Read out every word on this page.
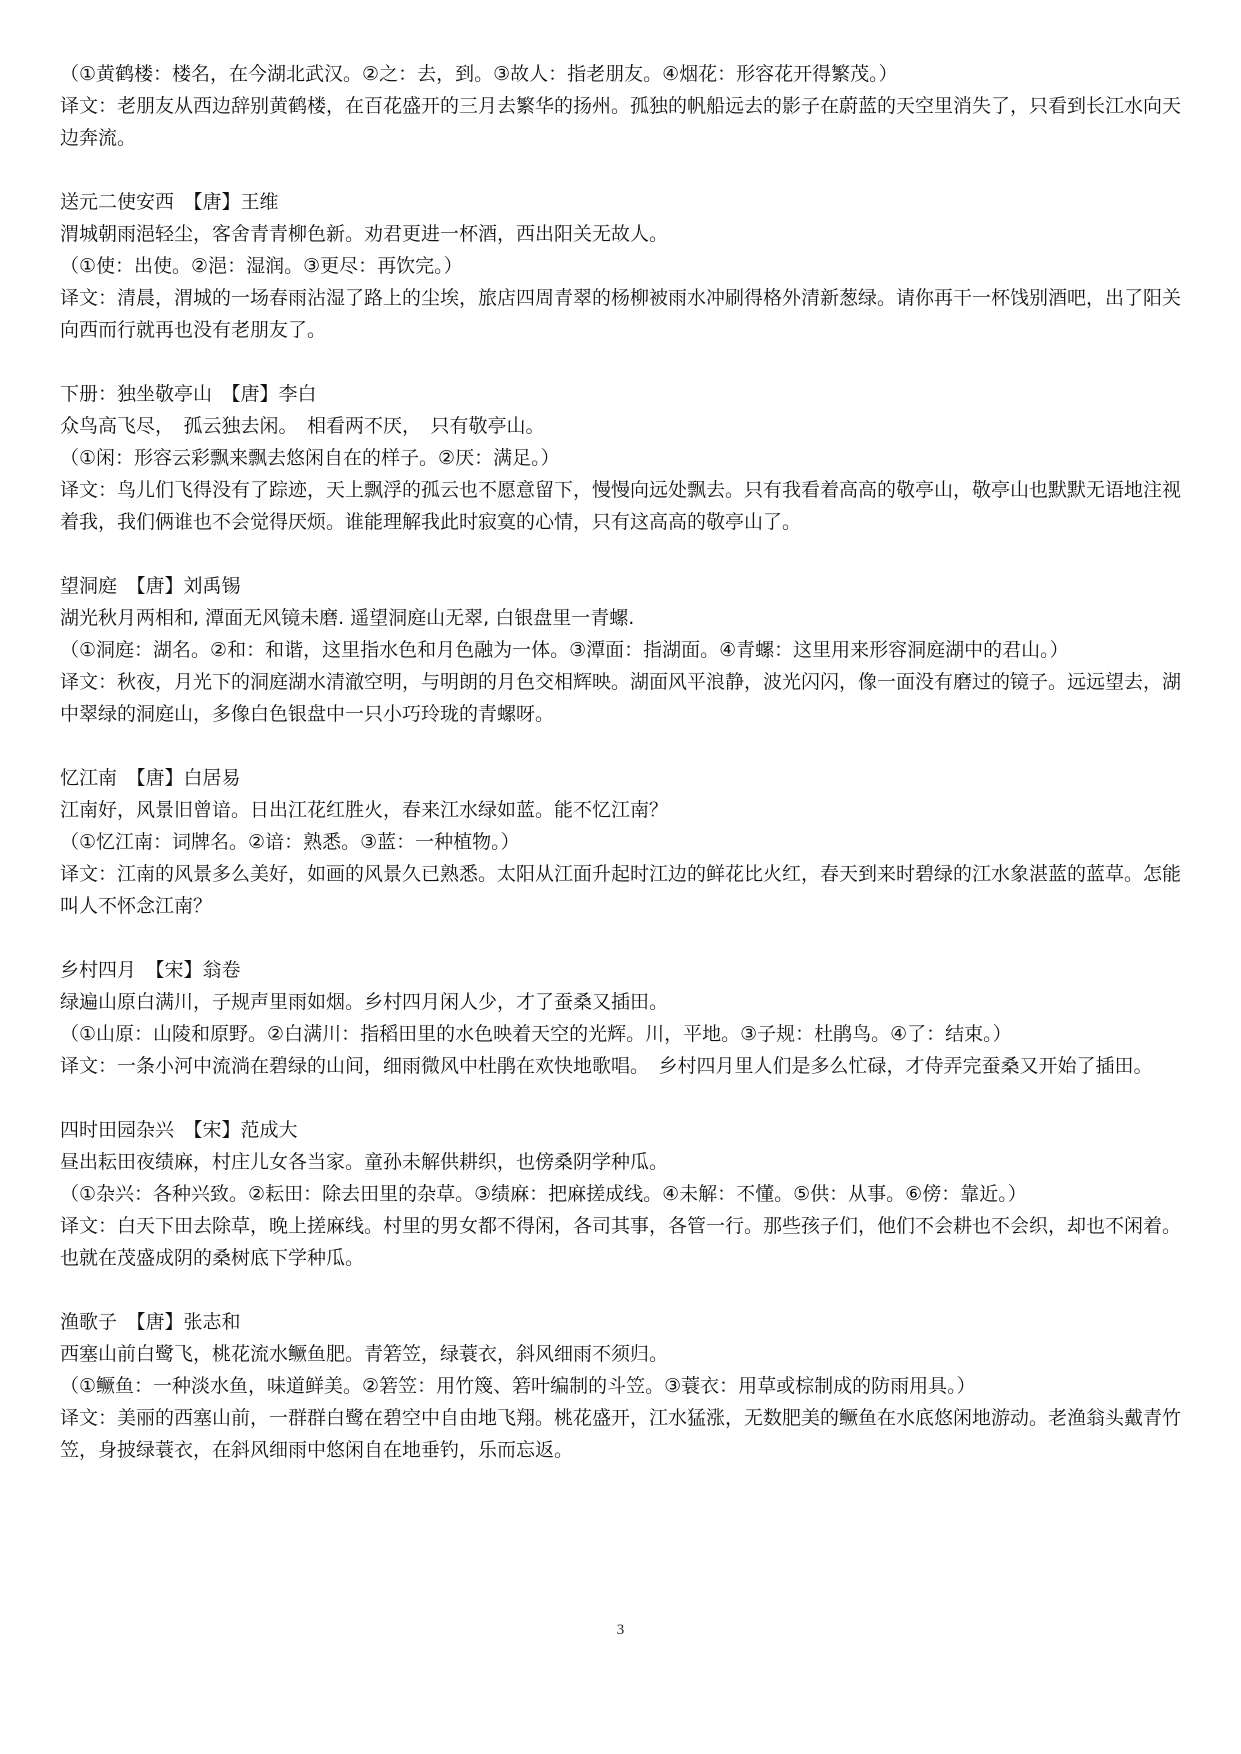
（①黄鹤楼：楼名，在今湖北武汉。②之：去，到。③故人：指老朋友。④烟花：形容花开得繁茂。）

译文：老朋友从西边辞别黄鹤楼，在百花盛开的三月去繁华的扬州。孤独的帆船远去的影子在蔚蓝的天空里消失了，只看到长江水向天边奔流。

送元二使安西　【唐】王维

渭城朝雨浥轻尘，客舍青青柳色新。劝君更进一杯酒，西出阳关无故人。

（①使：出使。②浥：湿润。③更尽：再饮完。）

译文：清晨，渭城的一场春雨沾湿了路上的尘埃，旅店四周青翠的杨柳被雨水冲刷得格外清新葱绿。请你再干一杯饯别酒吧，出了阳关向西而行就再也没有老朋友了。

下册：独坐敬亭山　【唐】李白

众鸟高飞尽，　孤云独去闲。　相看两不厌，　只有敬亭山。

（①闲：形容云彩飘来飘去悠闲自在的样子。②厌：满足。）

译文：鸟儿们飞得没有了踪迹，天上飘浮的孤云也不愿意留下，慢慢向远处飘去。只有我看着高高的敬亭山，敬亭山也默默无语地注视着我，我们俩谁也不会觉得厌烦。谁能理解我此时寂寞的心情，只有这高高的敬亭山了。

望洞庭　【唐】刘禹锡

湖光秋月两相和, 潭面无风镜未磨. 遥望洞庭山无翠, 白银盘里一青螺.

（①洞庭：湖名。②和：和谐，这里指水色和月色融为一体。③潭面：指湖面。④青螺：这里用来形容洞庭湖中的君山。）

译文：秋夜，月光下的洞庭湖水清澈空明，与明朗的月色交相辉映。湖面风平浪静，波光闪闪，像一面没有磨过的镜子。远远望去，湖中翠绿的洞庭山，多像白色银盘中一只小巧玲珑的青螺呀。

忆江南　【唐】白居易

江南好，风景旧曾谙。日出江花红胜火，春来江水绿如蓝。能不忆江南？

（①忆江南：词牌名。②谙：熟悉。③蓝：一种植物。）

译文：江南的风景多么美好，如画的风景久已熟悉。太阳从江面升起时江边的鲜花比火红，春天到来时碧绿的江水象湛蓝的蓝草。怎能叫人不怀念江南？

乡村四月　【宋】翁卷

绿遍山原白满川，子规声里雨如烟。乡村四月闲人少，才了蚕桑又插田。

（①山原：山陵和原野。②白满川：指稻田里的水色映着天空的光辉。川，平地。③子规：杜鹃鸟。④了：结束。）

译文：一条小河中流淌在碧绿的山间，细雨微风中杜鹃在欢快地歌唱。　乡村四月里人们是多么忙碌，才侍弄完蚕桑又开始了插田。

四时田园杂兴　【宋】范成大

昼出耘田夜绩麻，村庄儿女各当家。童孙未解供耕织，也傍桑阴学种瓜。

（①杂兴：各种兴致。②耘田：除去田里的杂草。③绩麻：把麻搓成线。④未解：不懂。⑤供：从事。⑥傍：靠近。）

译文：白天下田去除草，晚上搓麻线。村里的男女都不得闲，各司其事，各管一行。那些孩子们，他们不会耕也不会织，却也不闲着。也就在茂盛成阴的桑树底下学种瓜。

渔歌子　【唐】张志和

西塞山前白鹭飞，桃花流水鳜鱼肥。青箬笠，绿蓑衣，斜风细雨不须归。

（①鳜鱼：一种淡水鱼，味道鲜美。②箬笠：用竹篾、箬叶编制的斗笠。③蓑衣：用草或棕制成的防雨用具。）

译文：美丽的西塞山前，一群群白鹭在碧空中自由地飞翔。桃花盛开，江水猛涨，无数肥美的鳜鱼在水底悠闲地游动。老渔翁头戴青竹笠，身披绿蓑衣，在斜风细雨中悠闲自在地垂钓，乐而忘返。

3
